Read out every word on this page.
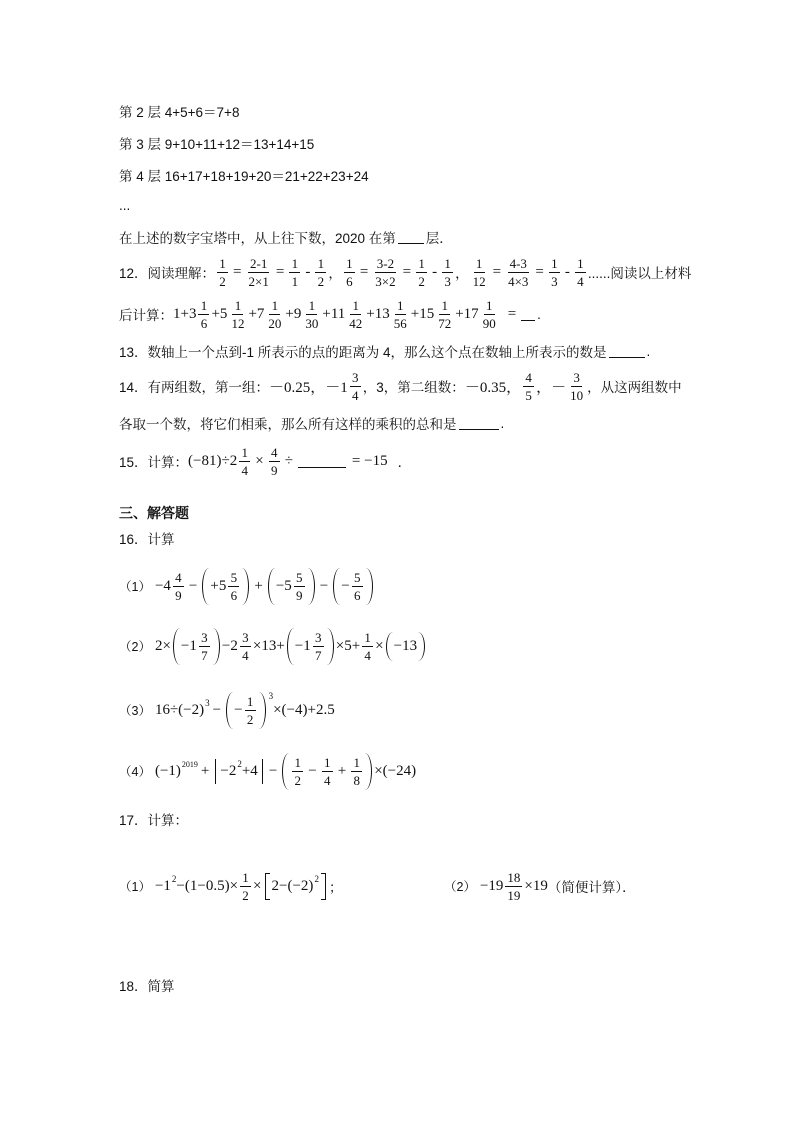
第 2 层 4+5+6＝7+8
第 3 层 9+10+11+12＝13+14+15
第 4 层 16+17+18+19+20＝21+22+23+24
...
在上述的数字宝塔中，从上往下数，2020 在第 层．
12．阅读理解： $\frac{1}{2} = \frac{2-1}{2\times 1} = \frac{1}{1} - \frac{1}{2}$ ， $\frac{1}{6} = \frac{3-2}{3\times 2} = \frac{1}{2} - \frac{1}{3}$ ， $\frac{1}{12} = \frac{4-3}{4\times 3} = \frac{1}{3} - \frac{1}{4}$ ......阅读以上材料
后计算： $1+3 \frac{1}{6} +5 \frac{1}{12} +7 \frac{1}{20} +9 \frac{1}{30} +11 \frac{1}{42} +13 \frac{1}{56} +15 \frac{1}{72} +17 \frac{1}{90}$ = .
13．数轴上一个点到-1 所表示的点的距离为 4，那么这个点在数轴上所表示的数是	.
14．有两组数，第一组： －0.25，$-1 \frac{3}{4}$ ，3，第二组数： －0.35， $\frac{4}{5}$ ，－ $\frac{3}{10}$ ，从这两组数中
各取一个数，将它们相乘，那么所有这样的乘积的总和是	.
15．计算： $(-81)\div 2 \frac{1}{4} \times \frac{4}{9}$ ÷	= −15 ．
三、解答题
16．计算
$(1) -4 \frac{4}{9} - +5 \frac{5}{6} + -5 \frac{5}{9}$ − − $\frac{5}{6}$
（2） $2\times -1 \frac{3}{7} -2 \frac{3}{4} \times 13+ -1 \frac{3}{7} \times 5+ \frac{1}{4} \times -13$
（3） 16÷(−2) 3 − − $\frac{1}{2} 3$
×(−4)+2.5
（4） (−1) 2019 + −2 $2 +4 - \frac{1}{2} - \frac{1}{4} + \frac{1}{8} \times(-24)$
17．计算：
（1） −1 $2 -(1-0.5)\times \frac{1}{2} \times 2-(-2)$ 2
；	$(2) -19 \frac{18}{19} \times 19$ （简便计算）．
18．简算
